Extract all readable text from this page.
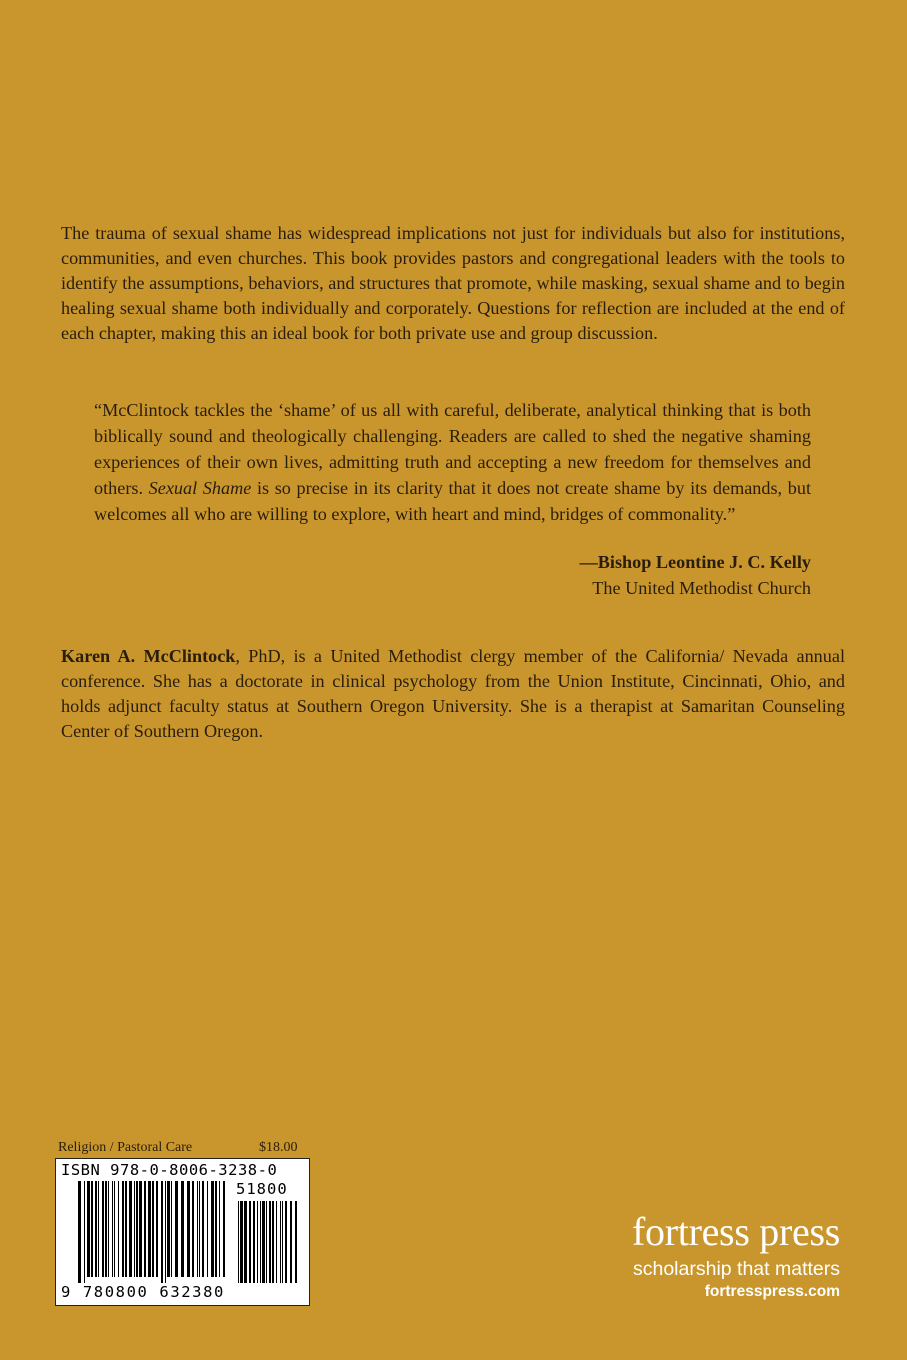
The trauma of sexual shame has widespread implications not just for individuals but also for institutions, communities, and even churches. This book provides pastors and congregational leaders with the tools to identify the assumptions, behaviors, and structures that promote, while masking, sexual shame and to begin healing sexual shame both individually and corporately. Questions for reflection are included at the end of each chapter, making this an ideal book for both private use and group discussion.

“McClintock tackles the ‘shame’ of us all with careful, deliberate, analytical thinking that is both biblically sound and theologically challenging. Readers are called to shed the negative shaming experiences of their own lives, admitting truth and accepting a new freedom for themselves and others. Sexual Shame is so precise in its clarity that it does not create shame by its demands, but welcomes all who are willing to explore, with heart and mind, bridges of commonality.”

—Bishop Leontine J. C. Kelly
The United Methodist Church

Karen A. McClintock, PhD, is a United Methodist clergy member of the California/ Nevada annual conference. She has a doctorate in clinical psychology from the Union Institute, Cincinnati, Ohio, and holds adjunct faculty status at Southern Oregon University. She is a therapist at Samaritan Counseling Center of Southern Oregon.

Religion / Pastoral Care	$18.00
ISBN 978-0-8006-3238-0
51800
9 780800 632380
fortress press
scholarship that matters
fortresspress.com
